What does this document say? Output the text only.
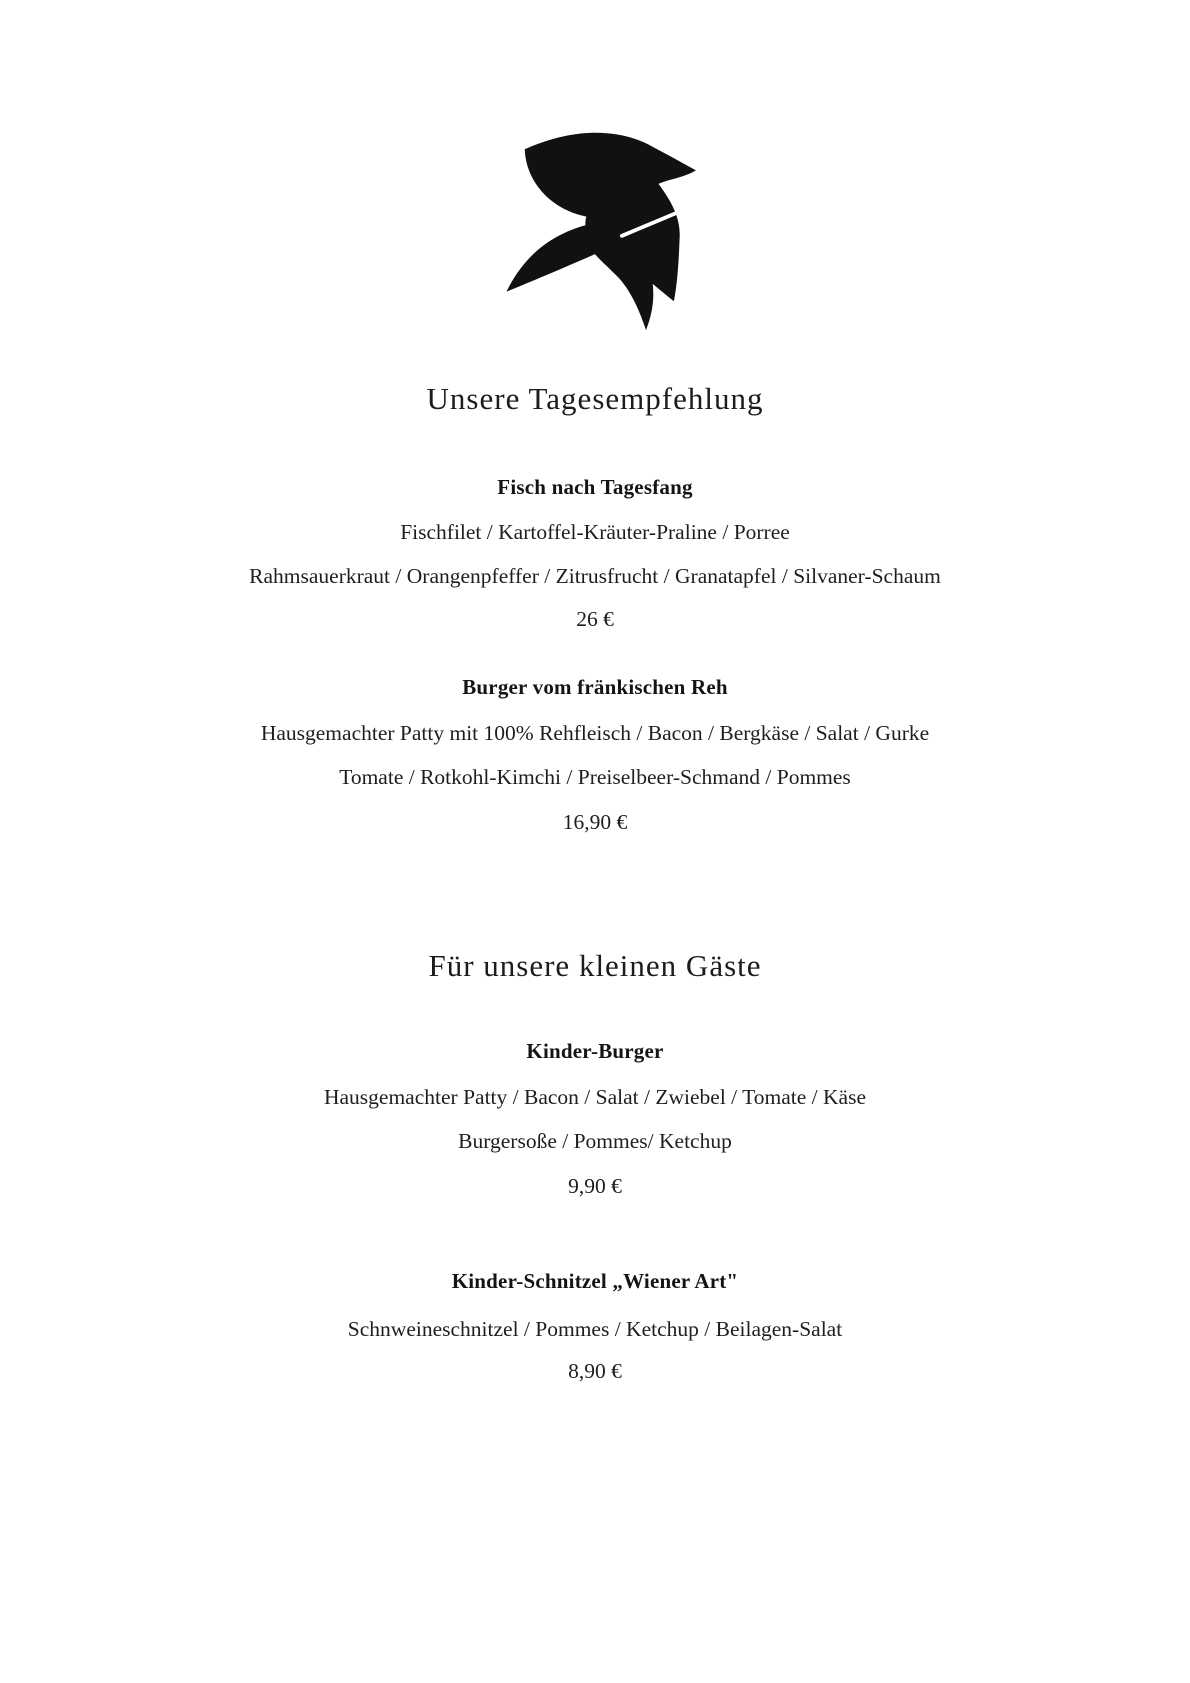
Unsere Tagesempfehlung
Fisch nach Tagesfang
Fischfilet / Kartoffel-Kräuter-Praline / Porree
Rahmsauerkraut / Orangenpfeffer / Zitrusfrucht / Granatapfel / Silvaner-Schaum
26 €
Burger vom fränkischen Reh
Hausgemachter Patty mit 100% Rehfleisch / Bacon / Bergkäse / Salat / Gurke
Tomate / Rotkohl-Kimchi / Preiselbeer-Schmand / Pommes
16,90 €
Für unsere kleinen Gäste
Kinder-Burger
Hausgemachter Patty / Bacon / Salat / Zwiebel / Tomate / Käse
Burgersoße / Pommes/ Ketchup
9,90 €
Kinder-Schnitzel „Wiener Art"
Schnweineschnitzel / Pommes / Ketchup / Beilagen-Salat
8,90 €
